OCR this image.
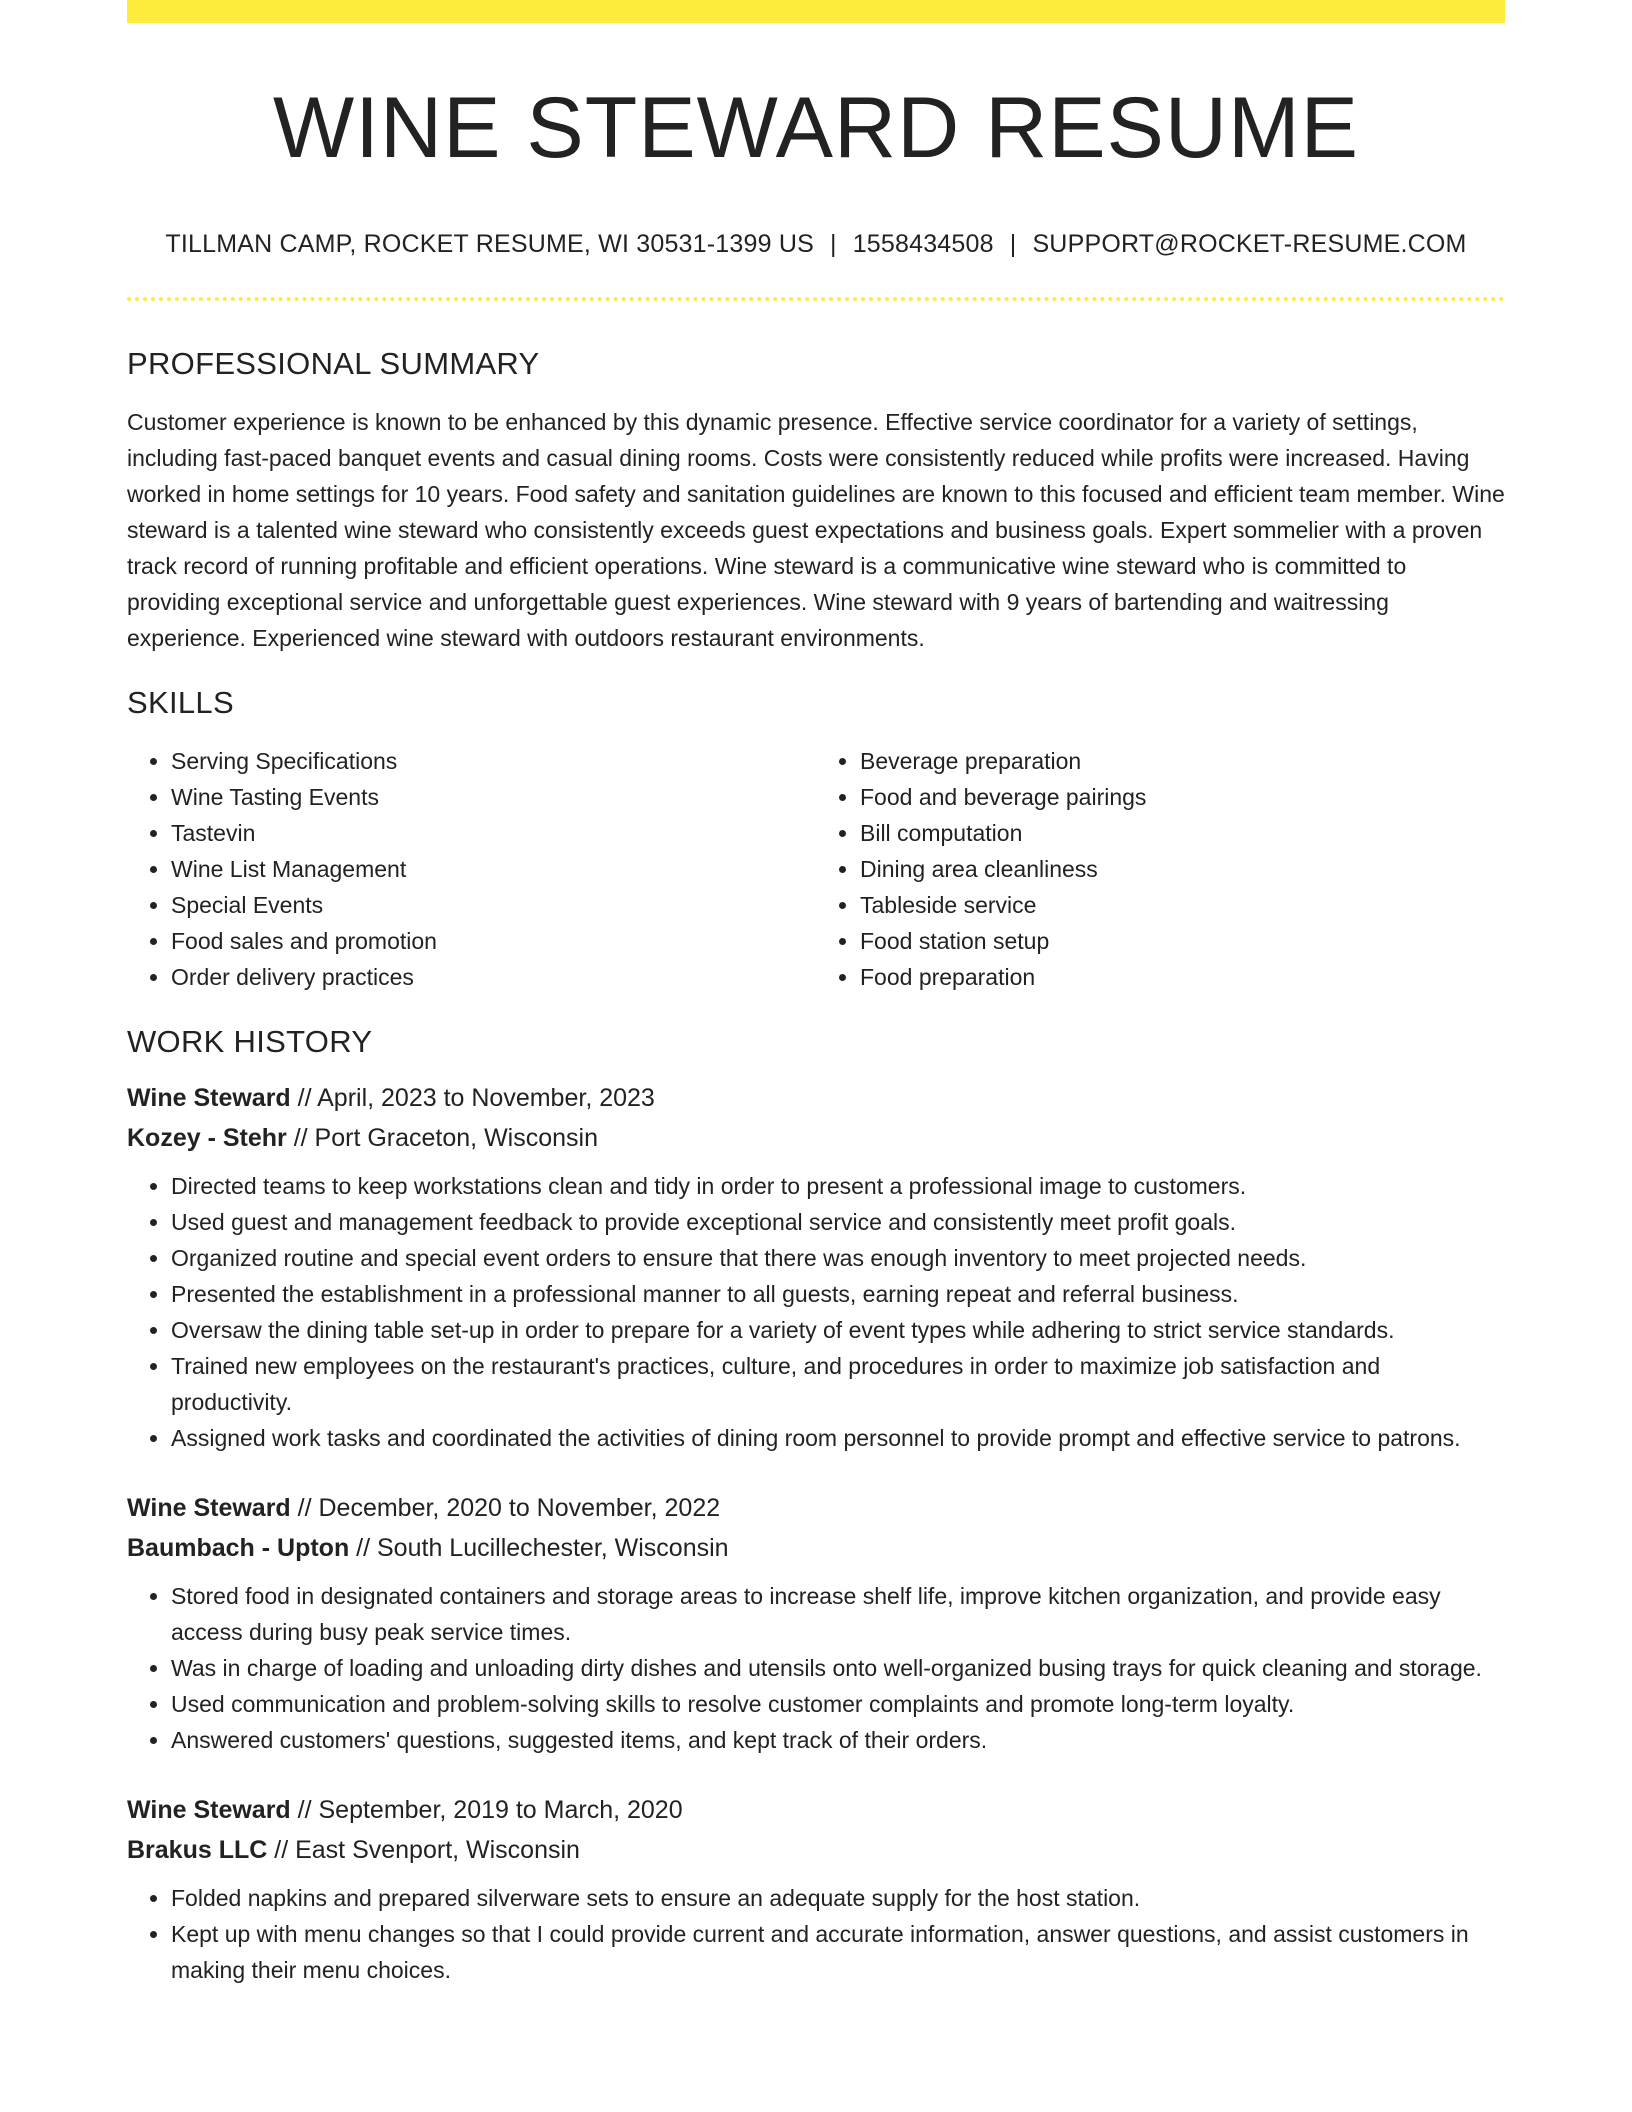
WINE STEWARD RESUME
TILLMAN CAMP, ROCKET RESUME, WI 30531-1399 US | 1558434508 | SUPPORT@ROCKET-RESUME.COM
PROFESSIONAL SUMMARY

Customer experience is known to be enhanced by this dynamic presence. Effective service coordinator for a variety of settings, including fast-paced banquet events and casual dining rooms. Costs were consistently reduced while profits were increased. Having worked in home settings for 10 years. Food safety and sanitation guidelines are known to this focused and efficient team member. Wine steward is a talented wine steward who consistently exceeds guest expectations and business goals. Expert sommelier with a proven track record of running profitable and efficient operations. Wine steward is a communicative wine steward who is committed to providing exceptional service and unforgettable guest experiences. Wine steward with 9 years of bartending and waitressing experience. Experienced wine steward with outdoors restaurant environments.

SKILLS
• Serving Specifications
• Wine Tasting Events
• Tastevin
• Wine List Management
• Special Events
• Food sales and promotion
• Order delivery practices
• Beverage preparation
• Food and beverage pairings
• Bill computation
• Dining area cleanliness
• Tableside service
• Food station setup
• Food preparation
WORK HISTORY
Wine Steward // April, 2023 to November, 2023
Kozey - Stehr // Port Graceton, Wisconsin
• Directed teams to keep workstations clean and tidy in order to present a professional image to customers.
• Used guest and management feedback to provide exceptional service and consistently meet profit goals.
• Organized routine and special event orders to ensure that there was enough inventory to meet projected needs.
• Presented the establishment in a professional manner to all guests, earning repeat and referral business.
• Oversaw the dining table set-up in order to prepare for a variety of event types while adhering to strict service standards.
• Trained new employees on the restaurant's practices, culture, and procedures in order to maximize job satisfaction and productivity.
• Assigned work tasks and coordinated the activities of dining room personnel to provide prompt and effective service to patrons.
Wine Steward // December, 2020 to November, 2022
Baumbach - Upton // South Lucillechester, Wisconsin
• Stored food in designated containers and storage areas to increase shelf life, improve kitchen organization, and provide easy access during busy peak service times.
• Was in charge of loading and unloading dirty dishes and utensils onto well-organized busing trays for quick cleaning and storage.
• Used communication and problem-solving skills to resolve customer complaints and promote long-term loyalty.
• Answered customers' questions, suggested items, and kept track of their orders.
Wine Steward // September, 2019 to March, 2020
Brakus LLC // East Svenport, Wisconsin
• Folded napkins and prepared silverware sets to ensure an adequate supply for the host station.
• Kept up with menu changes so that I could provide current and accurate information, answer questions, and assist customers in making their menu choices.
